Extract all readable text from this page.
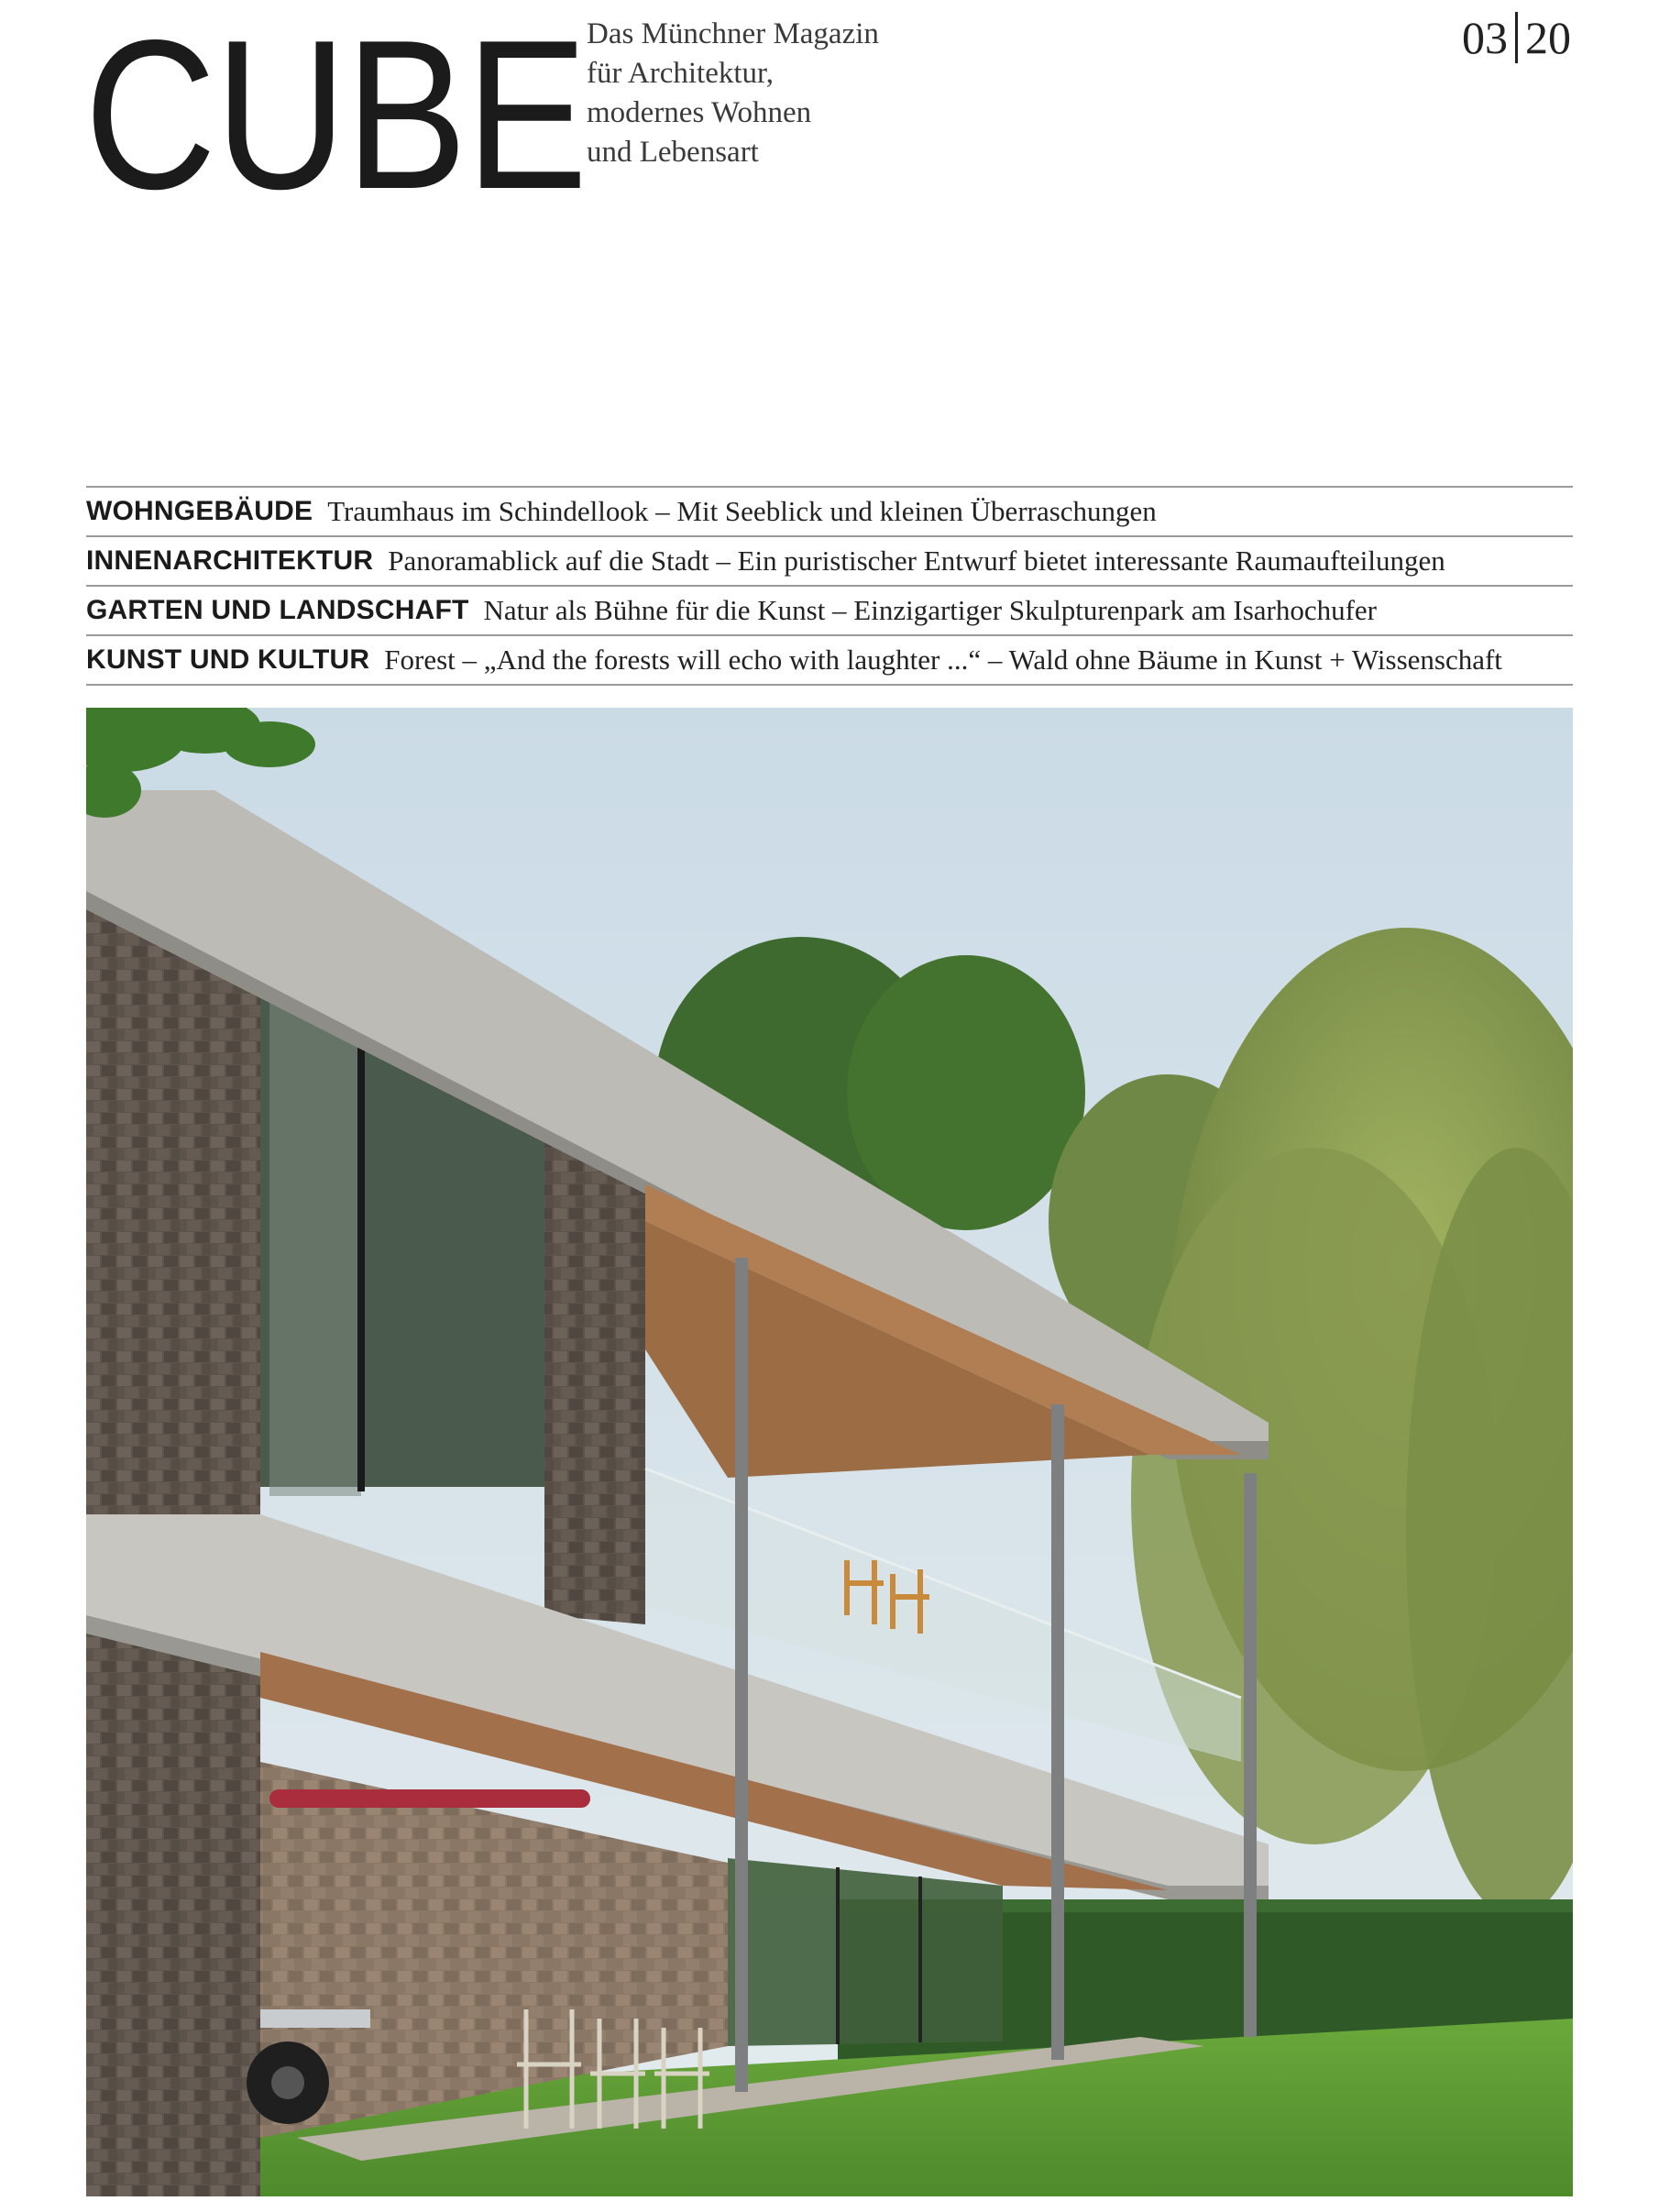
CUBE Das Münchner Magazin
für Architektur,
modernes Wohnen
und Lebensart
03 20
WOHNGEBÄUDE Traumhaus im Schindellook – Mit Seeblick und kleinen Überraschungen
INNENARCHITEKTUR Panoramablick auf die Stadt – Ein puristischer Entwurf bietet interessante Raumaufteilungen
GARTEN UND LANDSCHAFT Natur als Bühne für die Kunst – Einzigartiger Skulpturenpark am Isarhochufer
KUNST UND KULTUR Forest – „And the forests will echo with laughter ...“ – Wald ohne Bäume in Kunst + Wissenschaft
